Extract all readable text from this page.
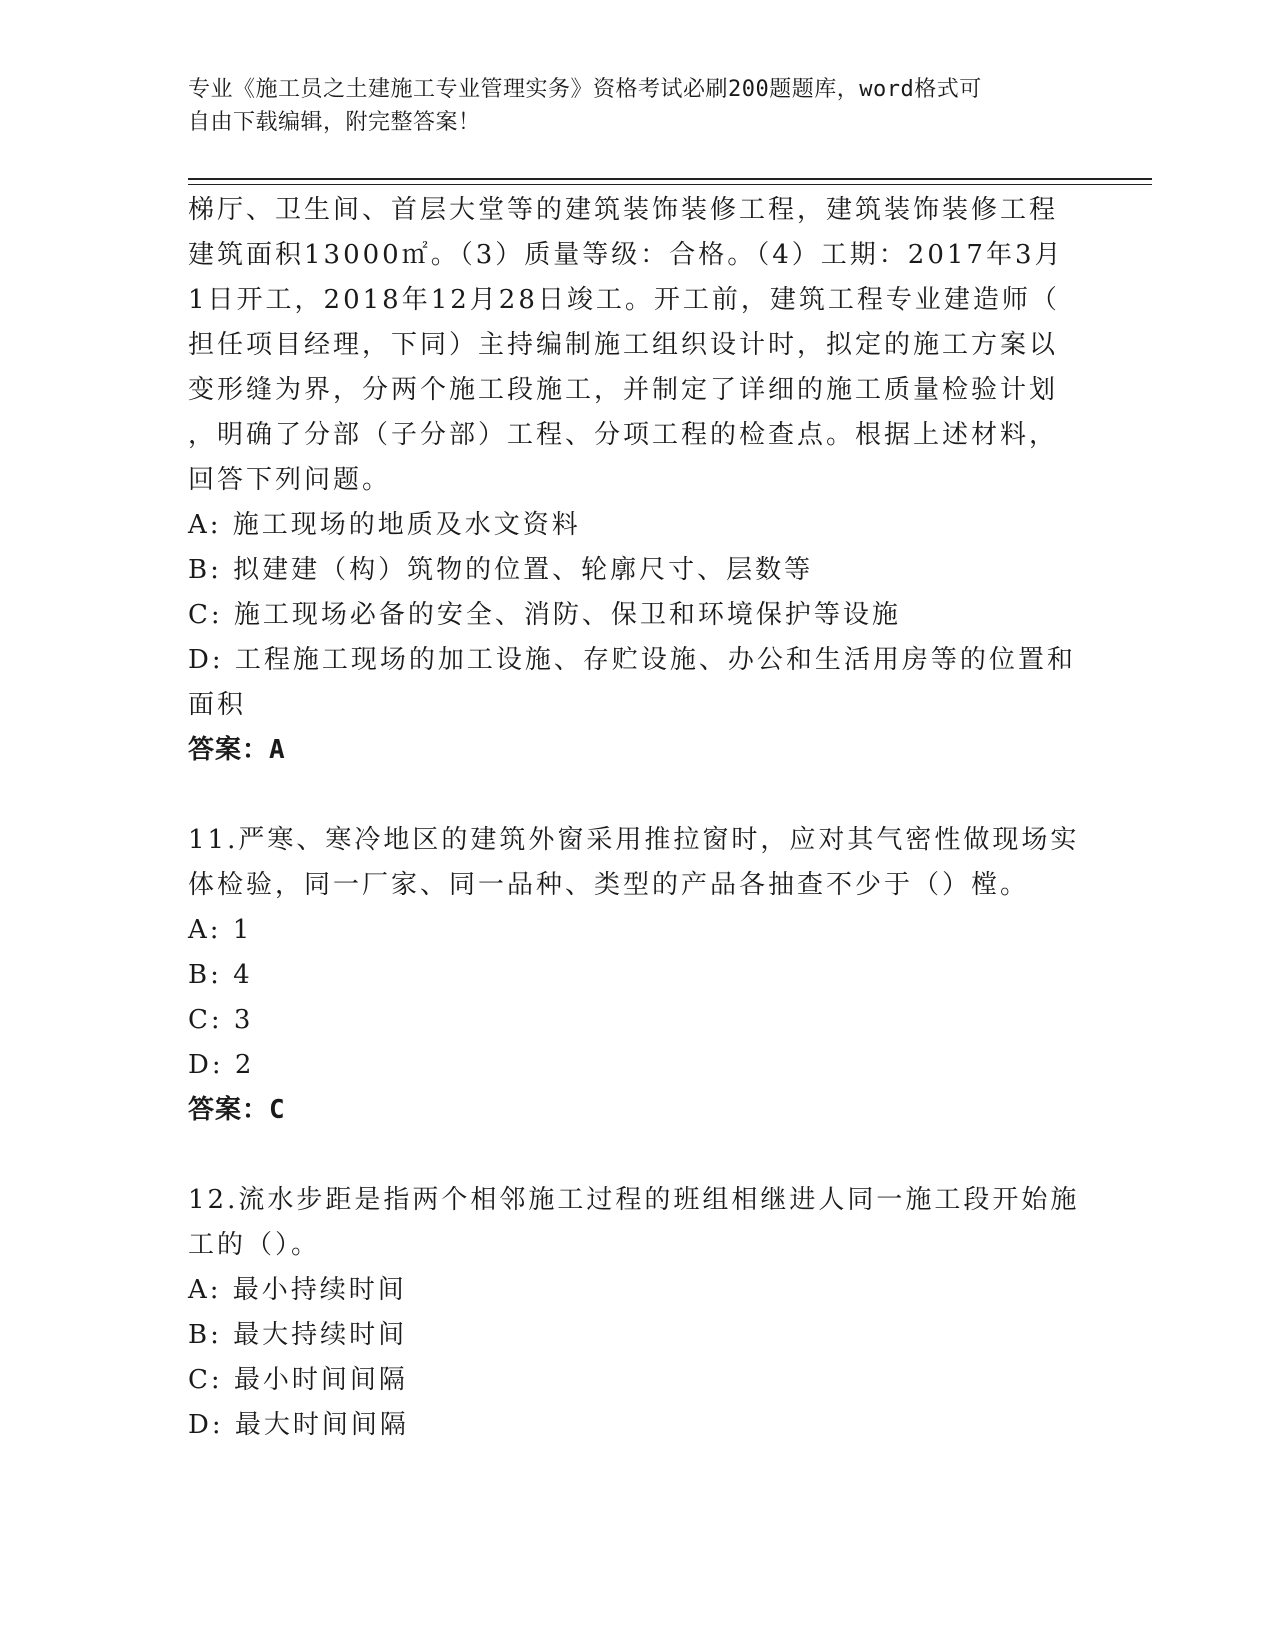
专业《施工员之土建施工专业管理实务》资格考试必刷200题题库，word格式可
自由下载编辑，附完整答案！
梯厅、卫生间、首层大堂等的建筑装饰装修工程，建筑装饰装修工程
建筑面积13000㎡。（3）质量等级：合格。（4）工期：2017年3月
1日开工，2018年12月28日竣工。开工前，建筑工程专业建造师（
担任项目经理，下同）主持编制施工组织设计时，拟定的施工方案以
变形缝为界，分两个施工段施工，并制定了详细的施工质量检验计划
，明确了分部（子分部）工程、分项工程的检查点。根据上述材料，
回答下列问题。
A: 施工现场的地质及水文资料
B: 拟建建（构）筑物的位置、轮廓尺寸、层数等
C: 施工现场必备的安全、消防、保卫和环境保护等设施
D: 工程施工现场的加工设施、存贮设施、办公和生活用房等的位置和
面积
答案：A
11.严寒、寒冷地区的建筑外窗采用推拉窗时，应对其气密性做现场实
体检验，同一厂家、同一品种、类型的产品各抽查不少于（）樘。
A: 1
B: 4
C: 3
D: 2
答案：C
12.流水步距是指两个相邻施工过程的班组相继进人同一施工段开始施
工的（）。
A: 最小持续时间
B: 最大持续时间
C: 最小时间间隔
D: 最大时间间隔
